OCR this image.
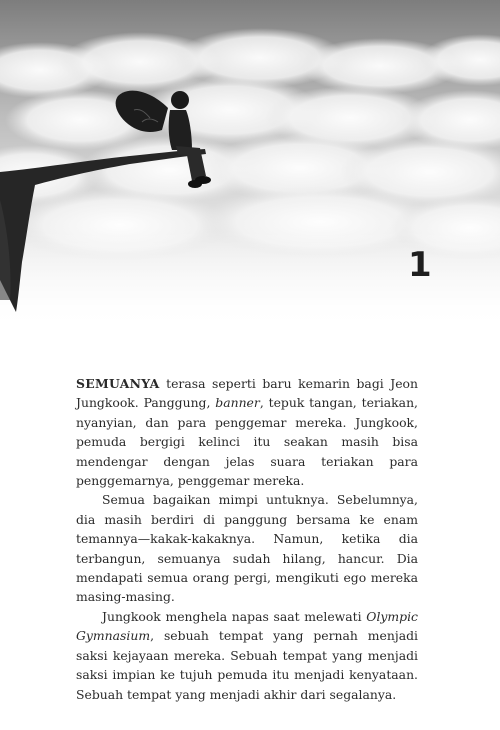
1

SEMUANYA terasa seperti baru kemarin bagi Jeon Jungkook. Panggung, banner, tepuk tangan, teriakan, nyanyian, dan para penggemar mereka. Jungkook, pemuda bergigi kelinci itu seakan masih bisa mendengar dengan jelas suara teriakan para penggemarnya, penggemar mereka.

Semua bagaikan mimpi untuknya. Sebelumnya, dia masih berdiri di panggung bersama ke enam temannya—kakak-kakaknya. Namun, ketika dia terbangun, semuanya sudah hilang, hancur. Dia mendapati semua orang pergi, mengikuti ego mereka masing-masing.

Jungkook menghela napas saat melewati Olympic Gymnasium, sebuah tempat yang pernah menjadi saksi kejayaan mereka. Sebuah tempat yang menjadi saksi impian ke tujuh pemuda itu menjadi kenyataan. Sebuah tempat yang menjadi akhir dari segalanya.
